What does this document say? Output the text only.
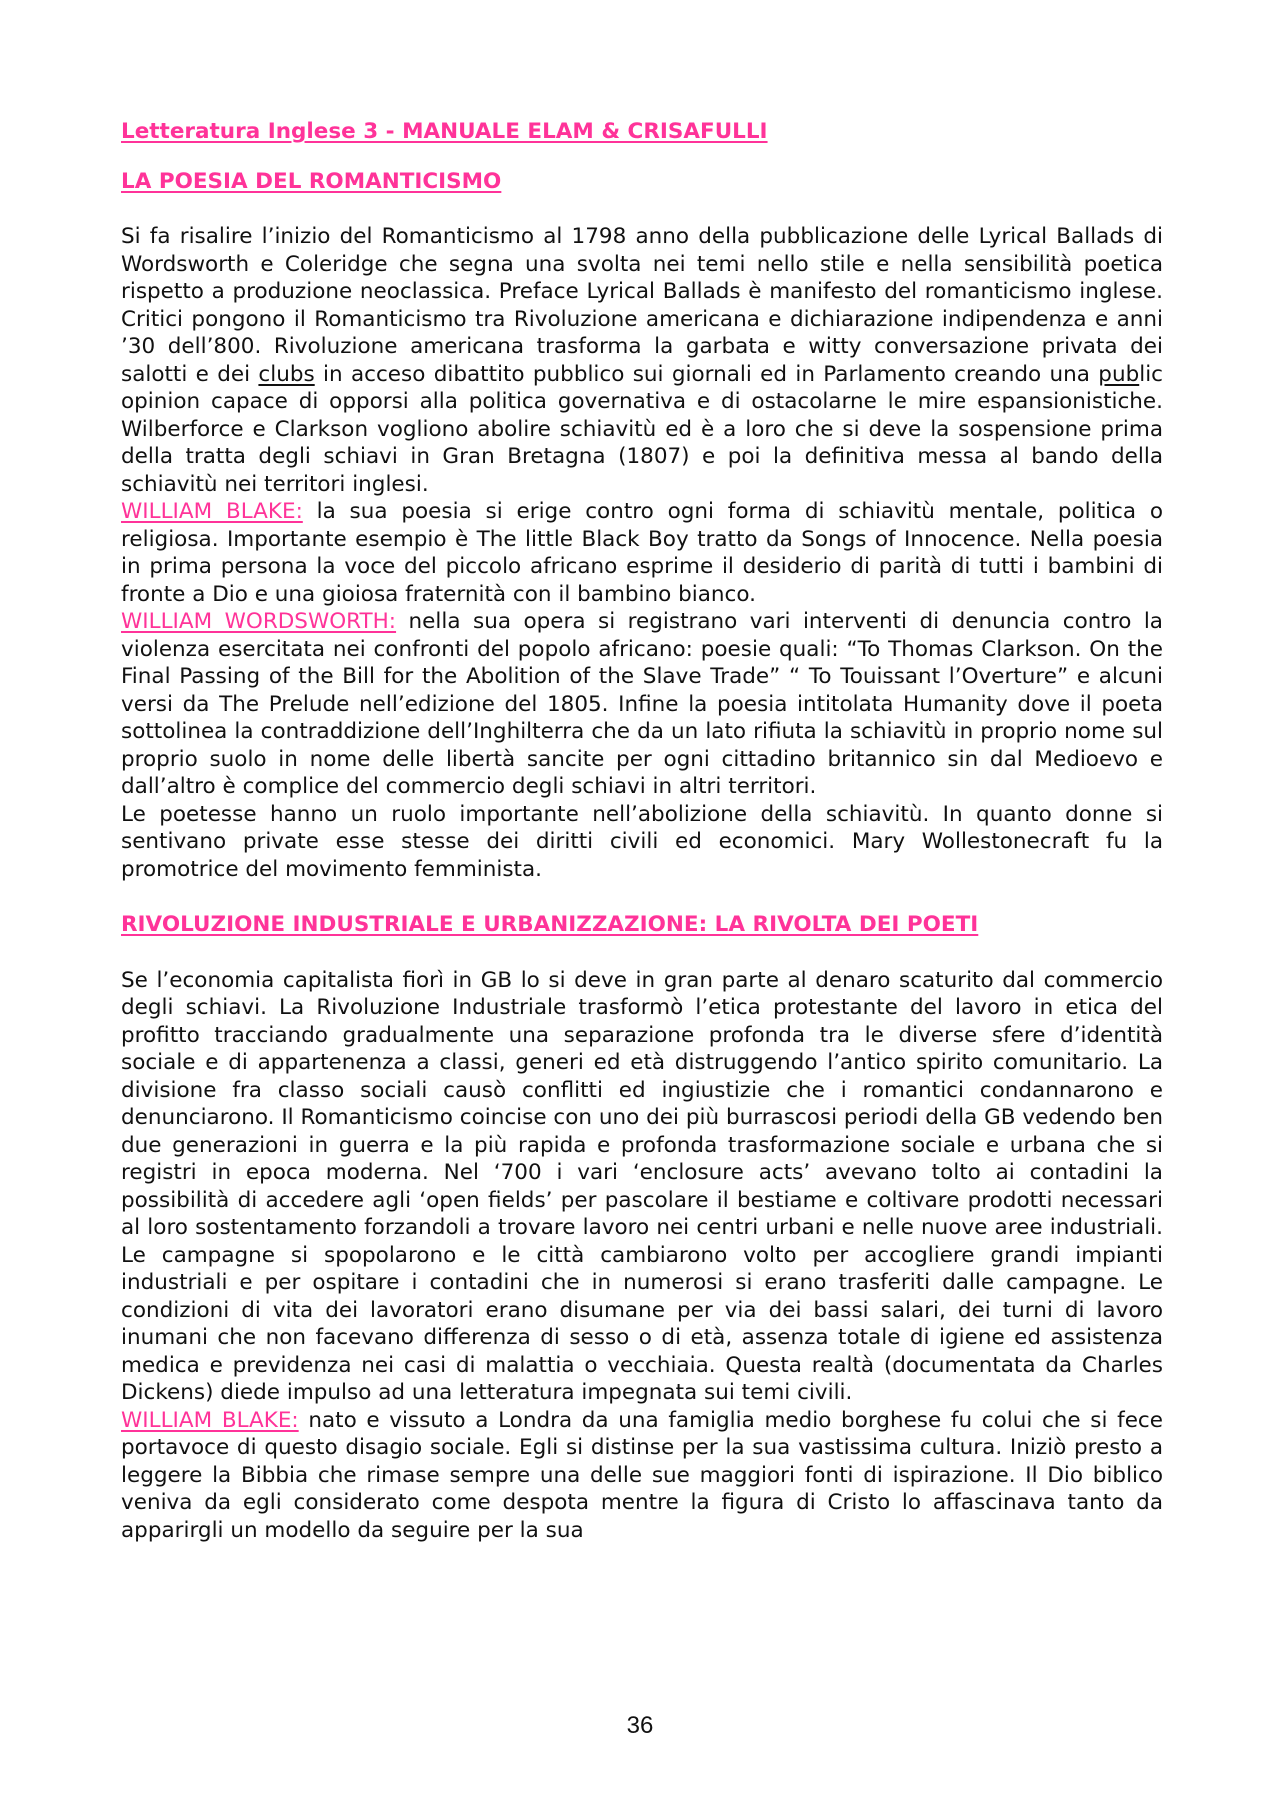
Letteratura Inglese 3 - MANUALE ELAM & CRISAFULLI
LA POESIA DEL ROMANTICISMO

Si fa risalire l’inizio del Romanticismo al 1798 anno della pubblicazione delle Lyrical Ballads di Wordsworth e Coleridge che segna una svolta nei temi nello stile e nella sensibilità poetica rispetto a produzione neoclassica. Preface Lyrical Ballads è manifesto del romanticismo inglese. Critici pongono il Romanticismo tra Rivoluzione americana e dichiarazione indipendenza e anni ’30 dell’800. Rivoluzione americana trasforma la garbata e witty conversazione privata dei salotti e dei clubs in acceso dibattito pubblico sui giornali ed in Parlamento creando una public opinion capace di opporsi alla politica governativa e di ostacolarne le mire espansionistiche. Wilberforce e Clarkson vogliono abolire schiavitù ed è a loro che si deve la sospensione prima della tratta degli schiavi in Gran Bretagna (1807) e poi la definitiva messa al bando della schiavitù nei territori inglesi.

WILLIAM BLAKE: la sua poesia si erige contro ogni forma di schiavitù mentale, politica o religiosa. Importante esempio è The little Black Boy tratto da Songs of Innocence. Nella poesia in prima persona la voce del piccolo africano esprime il desiderio di parità di tutti i bambini di fronte a Dio e una gioiosa fraternità con il bambino bianco.

WILLIAM WORDSWORTH: nella sua opera si registrano vari interventi di denuncia contro la violenza esercitata nei confronti del popolo africano: poesie quali: “To Thomas Clarkson. On the Final Passing of the Bill for the Abolition of the Slave Trade” “ To Touissant l’Overture” e alcuni versi da The Prelude nell’edizione del 1805. Infine la poesia intitolata Humanity dove il poeta sottolinea la contraddizione dell’Inghilterra che da un lato rifiuta la schiavitù in proprio nome sul proprio suolo in nome delle libertà sancite per ogni cittadino britannico sin dal Medioevo e dall’altro è complice del commercio degli schiavi in altri territori.

Le poetesse hanno un ruolo importante nell’abolizione della schiavitù. In quanto donne si sentivano private esse stesse dei diritti civili ed economici. Mary Wollestonecraft fu la promotrice del movimento femminista.

RIVOLUZIONE INDUSTRIALE E URBANIZZAZIONE: LA RIVOLTA DEI POETI

Se l’economia capitalista fiorì in GB lo si deve in gran parte al denaro scaturito dal commercio degli schiavi. La Rivoluzione Industriale trasformò l’etica protestante del lavoro in etica del profitto tracciando gradualmente una separazione profonda tra le diverse sfere d’identità sociale e di appartenenza a classi, generi ed età distruggendo l’antico spirito comunitario. La divisione fra classo sociali causò conflitti ed ingiustizie che i romantici condannarono e denunciarono. Il Romanticismo coincise con uno dei più burrascosi periodi della GB vedendo ben due generazioni in guerra e la più rapida e profonda trasformazione sociale e urbana che si registri in epoca moderna. Nel ‘700 i vari ‘enclosure acts’ avevano tolto ai contadini la possibilità di accedere agli ‘open fields’ per pascolare il bestiame e coltivare prodotti necessari al loro sostentamento forzandoli a trovare lavoro nei centri urbani e nelle nuove aree industriali. Le campagne si spopolarono e le città cambiarono volto per accogliere grandi impianti industriali e per ospitare i contadini che in numerosi si erano trasferiti dalle campagne. Le condizioni di vita dei lavoratori erano disumane per via dei bassi salari, dei turni di lavoro inumani che non facevano differenza di sesso o di età, assenza totale di igiene ed assistenza medica e previdenza nei casi di malattia o vecchiaia. Questa realtà (documentata da Charles Dickens) diede impulso ad una letteratura impegnata sui temi civili.

WILLIAM BLAKE: nato e vissuto a Londra da una famiglia medio borghese fu colui che si fece portavoce di questo disagio sociale. Egli si distinse per la sua vastissima cultura. Iniziò presto a leggere la Bibbia che rimase sempre una delle sue maggiori fonti di ispirazione. Il Dio biblico veniva da egli considerato come despota mentre la figura di Cristo lo affascinava tanto da apparirgli un modello da seguire per la sua

36
